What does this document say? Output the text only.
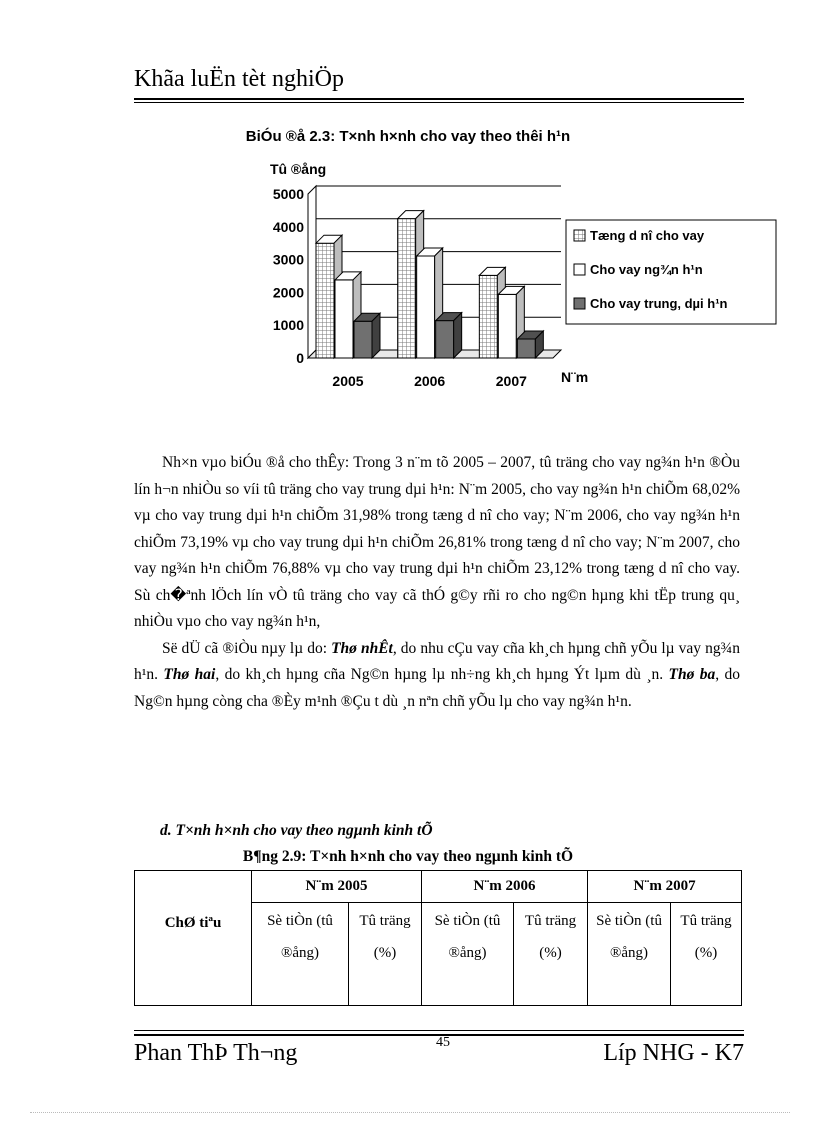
Khãa luËn tèt nghiÖp
BiÓu ®å 2.3: T×nh h×nh cho vay theo thêi h¹n
0
1000
2000
3000
4000
5000
Tû ®ång
2005	2006	2007 N¨m
Tæng d nî cho vay
Cho vay ng¾n h¹n
Cho vay trung, dµi h¹n

Nh×n vµo biÓu ®å cho thÊy: Trong 3 n¨m tõ 2005 – 2007, tû träng cho vay ng¾n h¹n ®Òu lín h¬n nhiÒu so víi tû träng cho vay trung dµi h¹n: N¨m 2005, cho vay ng¾n h¹n chiÕm 68,02% vµ cho vay trung dµi h¹n chiÕm 31,98% trong tæng d nî cho vay; N¨m 2006, cho vay ng¾n h¹n chiÕm 73,19% vµ cho vay trung dµi h¹n chiÕm 26,81% trong tæng d nî cho vay; N¨m 2007, cho vay ng¾n h¹n chiÕm 76,88% vµ cho vay trung dµi h¹n chiÕm 23,12% trong tæng d nî cho vay. Sù ch�ªnh lÖch lín vÒ tû träng cho vay cã thÓ g©y rñi ro cho ng©n hµng khi tËp trung qu¸ nhiÒu vµo cho vay ng¾n h¹n,

Së dÜ cã ®iÒu nµy lµ do: Thø nhÊt, do nhu cÇu vay cña kh¸ch hµng chñ yÕu lµ vay ng¾n h¹n. Thø hai, do kh¸ch hµng cña Ng©n hµng lµ nh÷ng kh¸ch hµng Ýt lµm dù ¸n. Thø ba, do Ng©n hµng còng cha ®Èy m¹nh ®Çu t dù ¸n nªn chñ yÕu lµ cho vay ng¾n h¹n.

d. T×nh h×nh cho vay theo ngµnh kinh tÕ
B¶ng 2.9: T×nh h×nh cho vay theo ngµnh kinh tÕ
ChØ tiªu	N¨m 2005		N¨m 2006		N¨m 2007	
	Sè tiÒn (tû ®ång)	Tû träng (%)	Sè tiÒn (tû ®ång)	Tû träng (%)	Sè tiÒn (tû ®ång)	Tû träng (%)
Phan ThÞ Th¬ng	45	Líp NHG - K7
